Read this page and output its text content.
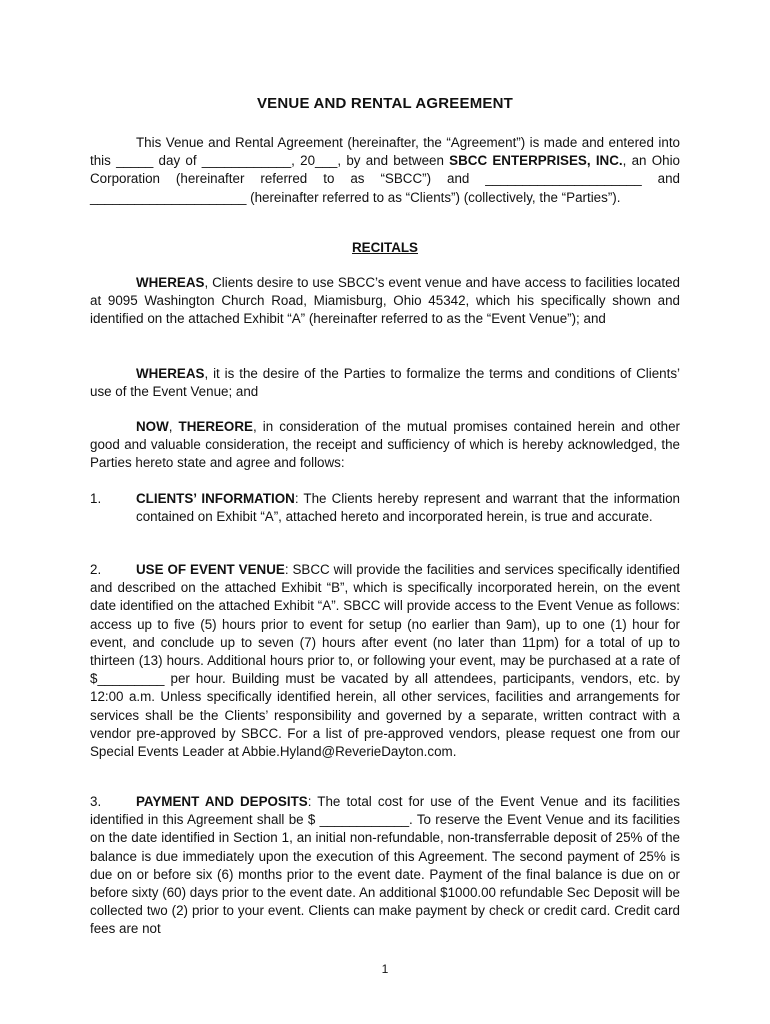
VENUE AND RENTAL AGREEMENT
This Venue and Rental Agreement (hereinafter, the “Agreement”) is made and entered into this _____ day of ____________, 20___, by and between SBCC ENTERPRISES, INC., an Ohio Corporation (hereinafter referred to as “SBCC”) and _____________________ and _____________________ (hereinafter referred to as “Clients”) (collectively, the “Parties”).
RECITALS
WHEREAS, Clients desire to use SBCC’s event venue and have access to facilities located at 9095 Washington Church Road, Miamisburg, Ohio 45342, which his specifically shown and identified on the attached Exhibit “A” (hereinafter referred to as the “Event Venue”); and
WHEREAS, it is the desire of the Parties to formalize the terms and conditions of Clients’ use of the Event Venue; and
NOW, THEREORE, in consideration of the mutual promises contained herein and other good and valuable consideration, the receipt and sufficiency of which is hereby acknowledged, the Parties hereto state and agree and follows:
1.	CLIENTS’ INFORMATION: The Clients hereby represent and warrant that the information contained on Exhibit “A”, attached hereto and incorporated herein, is true and accurate.
2.	USE OF EVENT VENUE: SBCC will provide the facilities and services specifically identified and described on the attached Exhibit “B”, which is specifically incorporated herein, on the event date identified on the attached Exhibit “A”. SBCC will provide access to the Event Venue as follows: access up to five (5) hours prior to event for setup (no earlier than 9am), up to one (1) hour for event, and conclude up to seven (7) hours after event (no later than 11pm) for a total of up to thirteen (13) hours. Additional hours prior to, or following your event, may be purchased at a rate of $_________ per hour. Building must be vacated by all attendees, participants, vendors, etc. by 12:00 a.m. Unless specifically identified herein, all other services, facilities and arrangements for services shall be the Clients’ responsibility and governed by a separate, written contract with a vendor pre-approved by SBCC. For a list of pre-approved vendors, please request one from our Special Events Leader at Abbie.Hyland@ReverieDayton.com.
3.	PAYMENT AND DEPOSITS: The total cost for use of the Event Venue and its facilities identified in this Agreement shall be $ ____________. To reserve the Event Venue and its facilities on the date identified in Section 1, an initial non-refundable, non-transferrable deposit of 25% of the balance is due immediately upon the execution of this Agreement. The second payment of 25% is due on or before six (6) months prior to the event date. Payment of the final balance is due on or before sixty (60) days prior to the event date. An additional $1000.00 refundable Sec Deposit will be collected two (2) prior to your event. Clients can make payment by check or credit card. Credit card fees are not
1
